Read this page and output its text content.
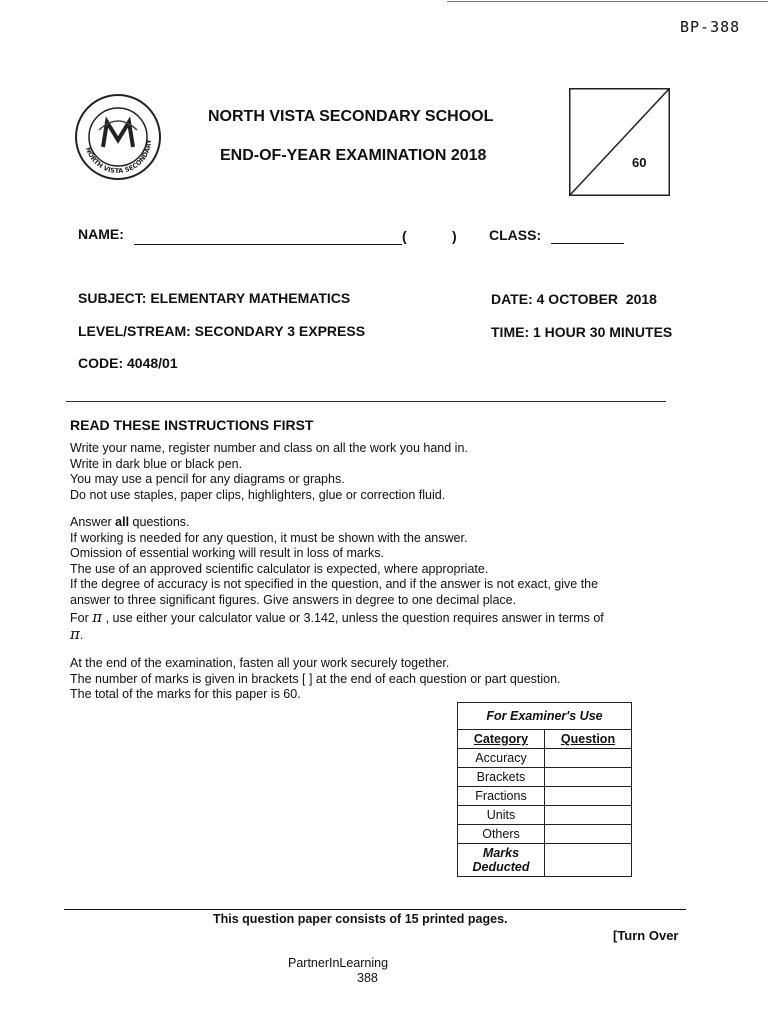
BP-388
NORTH VISTA SECONDARY
NORTH VISTA SECONDARY SCHOOL
END-OF-YEAR EXAMINATION 2018	60
NAME:	(	) CLASS:
SUBJECT: ELEMENTARY MATHEMATICS	DATE: 4 OCTOBER  2018
LEVEL/STREAM: SECONDARY 3 EXPRESS	TIME: 1 HOUR 30 MINUTES
CODE: 4048/01
READ THESE INSTRUCTIONS FIRST

Write your name, register number and class on all the work you hand in.

Write in dark blue or black pen.

You may use a pencil for any diagrams or graphs.

Do not use staples, paper clips, highlighters, glue or correction fluid.

Answer all questions.

If working is needed for any question, it must be shown with the answer.

Omission of essential working will result in loss of marks.

The use of an approved scientific calculator is expected, where appropriate.

If the degree of accuracy is not specified in the question, and if the answer is not exact, give the

answer to three significant figures. Give answers in degree to one decimal place.

For π , use either your calculator value or 3.142, unless the question requires answer in terms of

π.

At the end of the examination, fasten all your work securely together.

The number of marks is given in brackets [ ] at the end of each question or part question.

The total of the marks for this paper is 60.

For Examiner's Use	
Category	Question
Accuracy	
Brackets	
Fractions	
Units	
Others	

Marks
Deducted	

This question paper consists of 15 printed pages.
[Turn Over
PartnerInLearning
388
